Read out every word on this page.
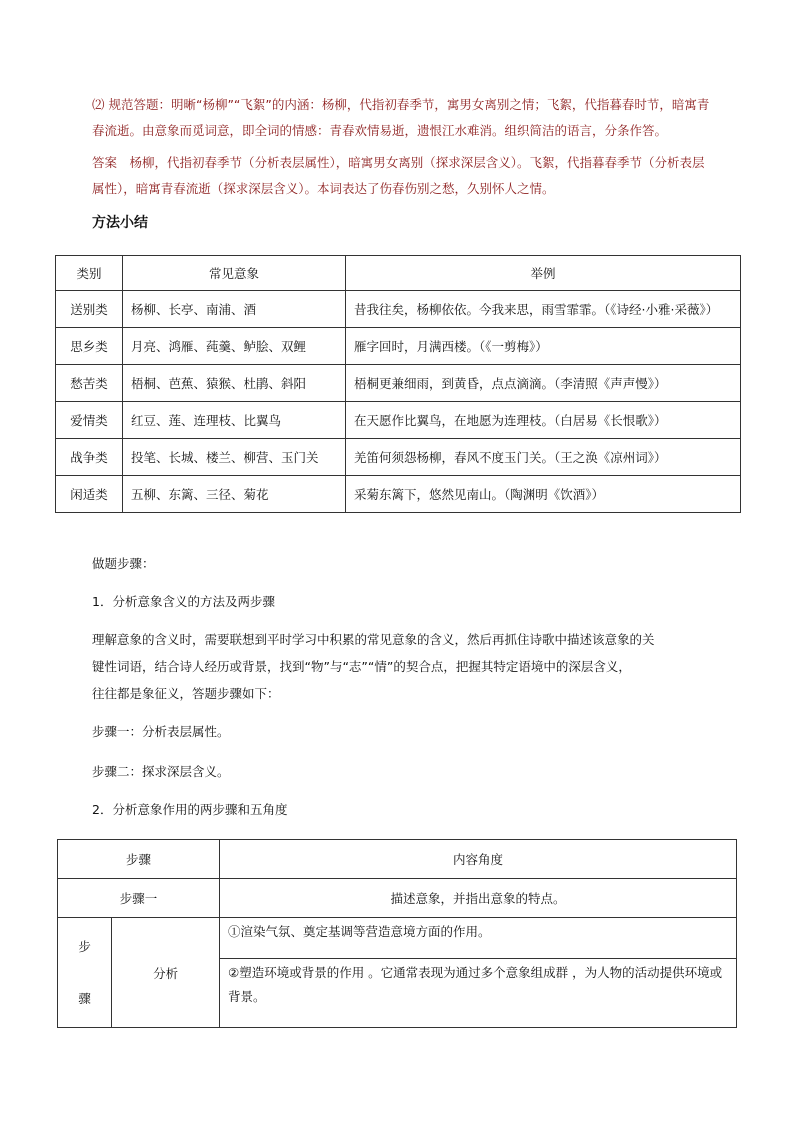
⑵ 规范答题：明晰“杨柳”“飞絮”的内涵：杨柳，代指初春季节，寓男女离别之情；飞絮，代指暮春时节，暗寓青春流逝。由意象而觅词意，即全词的情感：青春欢情易逝，遗恨江水难消。组织简洁的语言，分条作答。
答案　杨柳，代指初春季节（分析表层属性），暗寓男女离别（探求深层含义）。飞絮，代指暮春季节（分析表层属性），暗寓青春流逝（探求深层含义）。本词表达了伤春伤别之愁，久别怀人之情。
方法小结
类别	常见意象	举例
送别类	杨柳、长亭、南浦、酒	昔我往矣，杨柳依依。今我来思，雨雪霏霏。（《诗经·小雅·采薇》）
思乡类	月亮、鸿雁、莼羹、鲈脍、双鲤	雁字回时，月满西楼。（《一剪梅》）
愁苦类	梧桐、芭蕉、猿猴、杜鹃、斜阳	梧桐更兼细雨，到黄昏，点点滴滴。（李清照《声声慢》）
爱情类	红豆、莲、连理枝、比翼鸟	在天愿作比翼鸟，在地愿为连理枝。（白居易《长恨歌》）
战争类	投笔、长城、楼兰、柳营、玉门关	羌笛何须怨杨柳，春风不度玉门关。（王之涣《凉州词》）
闲适类	五柳、东篱、三径、菊花	采菊东篱下，悠然见南山。（陶渊明《饮酒》）
做题步骤：
1．分析意象含义的方法及两步骤
理解意象的含义时，需要联想到平时学习中积累的常见意象的含义，然后再抓住诗歌中描述该意象的关
键性词语，结合诗人经历或背景，找到“物”与“志”“情”的契合点，把握其特定语境中的深层含义，
往往都是象征义，答题步骤如下：
步骤一：分析表层属性。
步骤二：探求深层含义。
2．分析意象作用的两步骤和五角度
步骤		内容角度
步骤一		描述意象，并指出意象的特点。

步
骤	分析	①渲染气氛、奠定基调等营造意境方面的作用。
		②塑造环境或背景的作用 。它通常表现为通过多个意象组成群 ，为人物的活动提供环境或背景。
